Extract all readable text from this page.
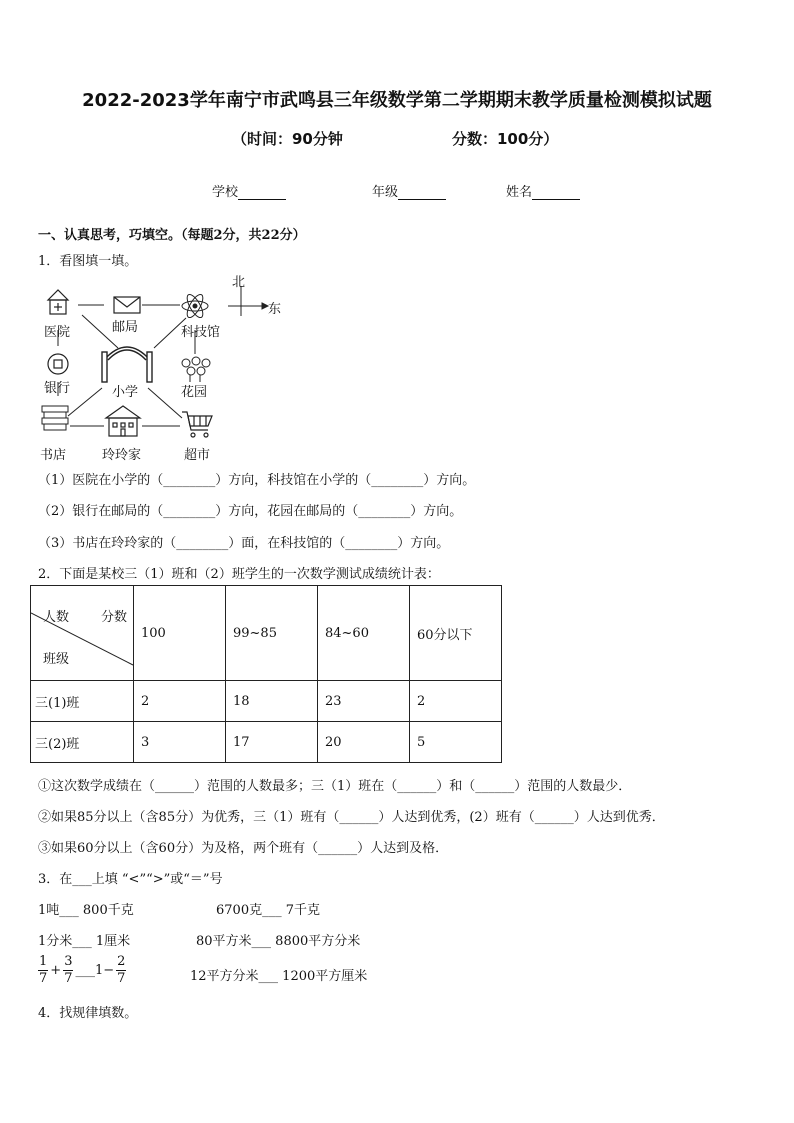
2022-2023学年南宁市武鸣县三年级数学第二学期期末教学质量检测模拟试题
（时间：90分钟	分数：100分）
学校	年级	姓名
一、认真思考，巧填空。（每题2分，共22分）
1．看图填一填。
北
东
医院	邮局	科技馆
银行	小学	花园
书店	玲玲家	超市
（1）医院在小学的（________）方向，科技馆在小学的（________）方向。
（2）银行在邮局的（________）方向，花园在邮局的（________）方向。
（3）书店在玲玲家的（________）面，在科技馆的（________）方向。
2．下面是某校三（1）班和（2）班学生的一次数学测试成绩统计表：
人数 分数
班级	100	99~85	84~60	60分以下
三(1)班	2	18	23	2
三(2)班	3	17	20	5
①这次数学成绩在（______）范围的人数最多；三（1）班在（______）和（______）范围的人数最少．
②如果85分以上（含85分）为优秀，三（1）班有（______）人达到优秀，(2）班有（______）人达到优秀．
③如果60分以上（含60分）为及格，两个班有（______）人达到及格．
3．在___上填 “<”“>”或“＝”号
1吨___ 800千克	6700克___ 7千克
1分米___ 1厘米	80平方米___ 8800平方分米
$\frac{1}{7} + \frac{3}{7}$ ___1− $\frac{2}{7}$	12平方分米___ 1200平方厘米
4．找规律填数。
